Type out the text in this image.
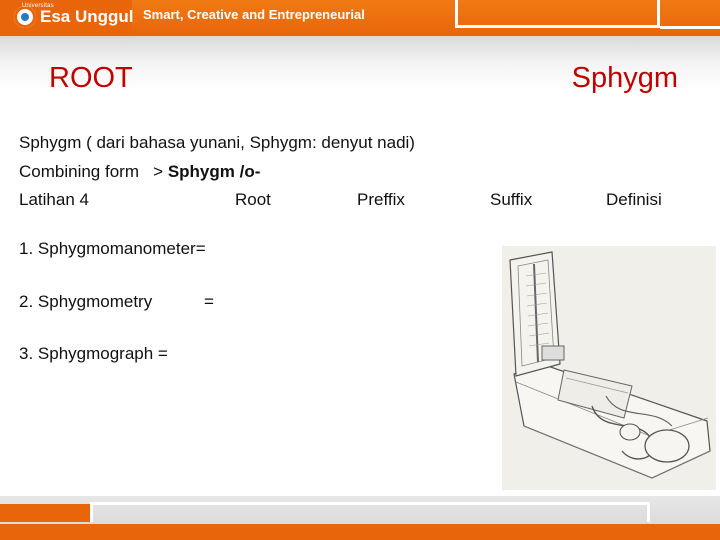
Universitas
Esa Unggul Smart, Creative and Entrepreneurial
ROOT	Sphygm
Sphygm ( dari bahasa yunani, Sphygm: denyut nadi)
Combining form   > Sphygm /o-
Latihan 4	Root	Preffix	Suffix	Definisi
1. Sphygmomanometer=
2. Sphygmometry	=
3. Sphygmograph =
